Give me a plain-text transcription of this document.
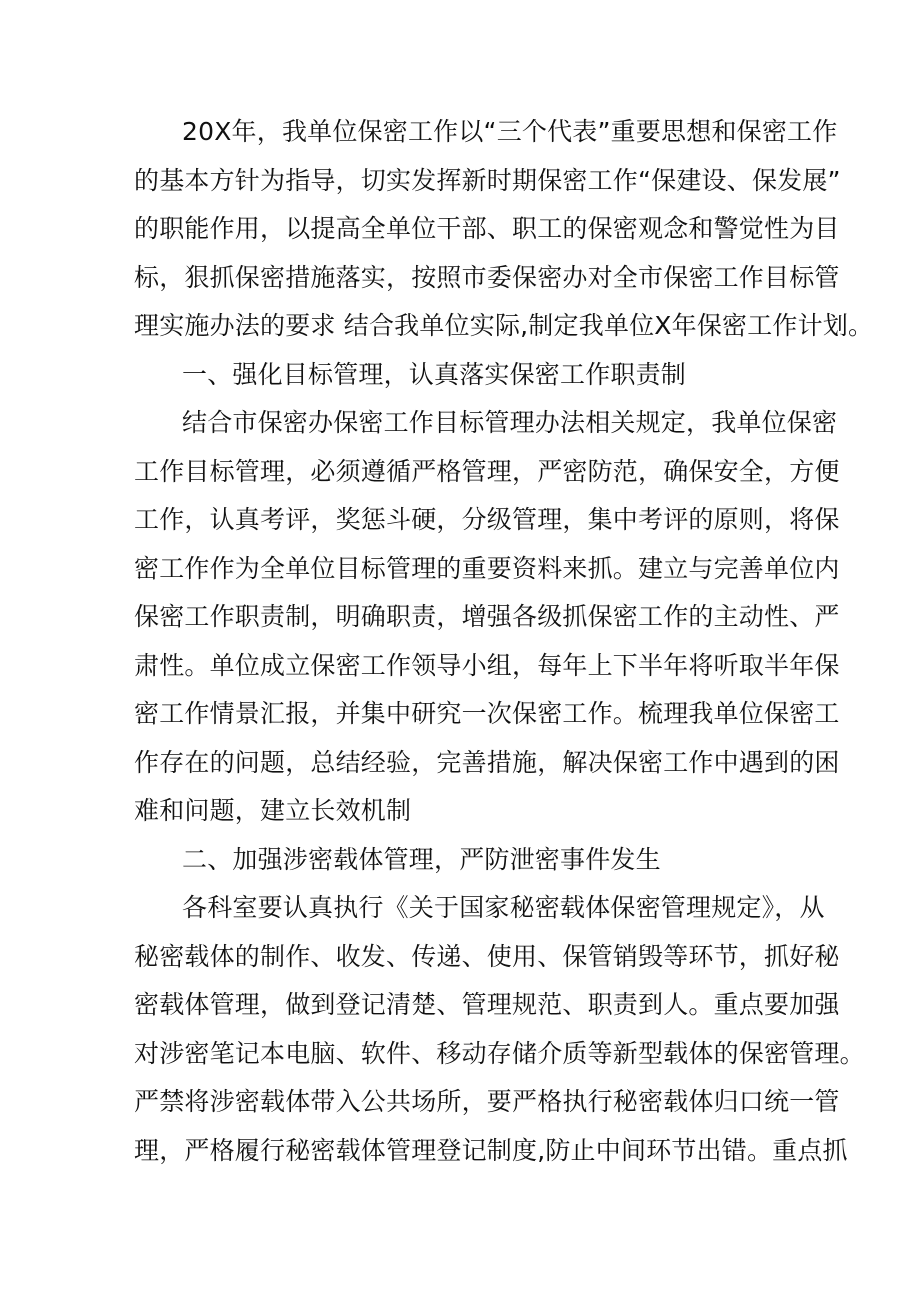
20X年，我单位保密工作以“三个代表”重要思想和保密工作
的基本方针为指导，切实发挥新时期保密工作“保建设、保发展”
的职能作用，以提高全单位干部、职工的保密观念和警觉性为目
标，狠抓保密措施落实，按照市委保密办对全市保密工作目标管
理实施办法的要求 结合我单位实际,制定我单位X年保密工作计划。
一、强化目标管理，认真落实保密工作职责制
结合市保密办保密工作目标管理办法相关规定，我单位保密
工作目标管理，必须遵循严格管理，严密防范，确保安全，方便
工作，认真考评，奖惩斗硬，分级管理，集中考评的原则，将保
密工作作为全单位目标管理的重要资料来抓。建立与完善单位内
保密工作职责制，明确职责，增强各级抓保密工作的主动性、严
肃性。单位成立保密工作领导小组，每年上下半年将听取半年保
密工作情景汇报，并集中研究一次保密工作。梳理我单位保密工
作存在的问题，总结经验，完善措施，解决保密工作中遇到的困
难和问题，建立长效机制
二、加强涉密载体管理，严防泄密事件发生
各科室要认真执行《关于国家秘密载体保密管理规定》，从
秘密载体的制作、收发、传递、使用、保管销毁等环节，抓好秘
密载体管理，做到登记清楚、管理规范、职责到人。重点要加强
对涉密笔记本电脑、软件、移动存储介质等新型载体的保密管理。
严禁将涉密载体带入公共场所，要严格执行秘密载体归口统一管
理，严格履行秘密载体管理登记制度,防止中间环节出错。重点抓
